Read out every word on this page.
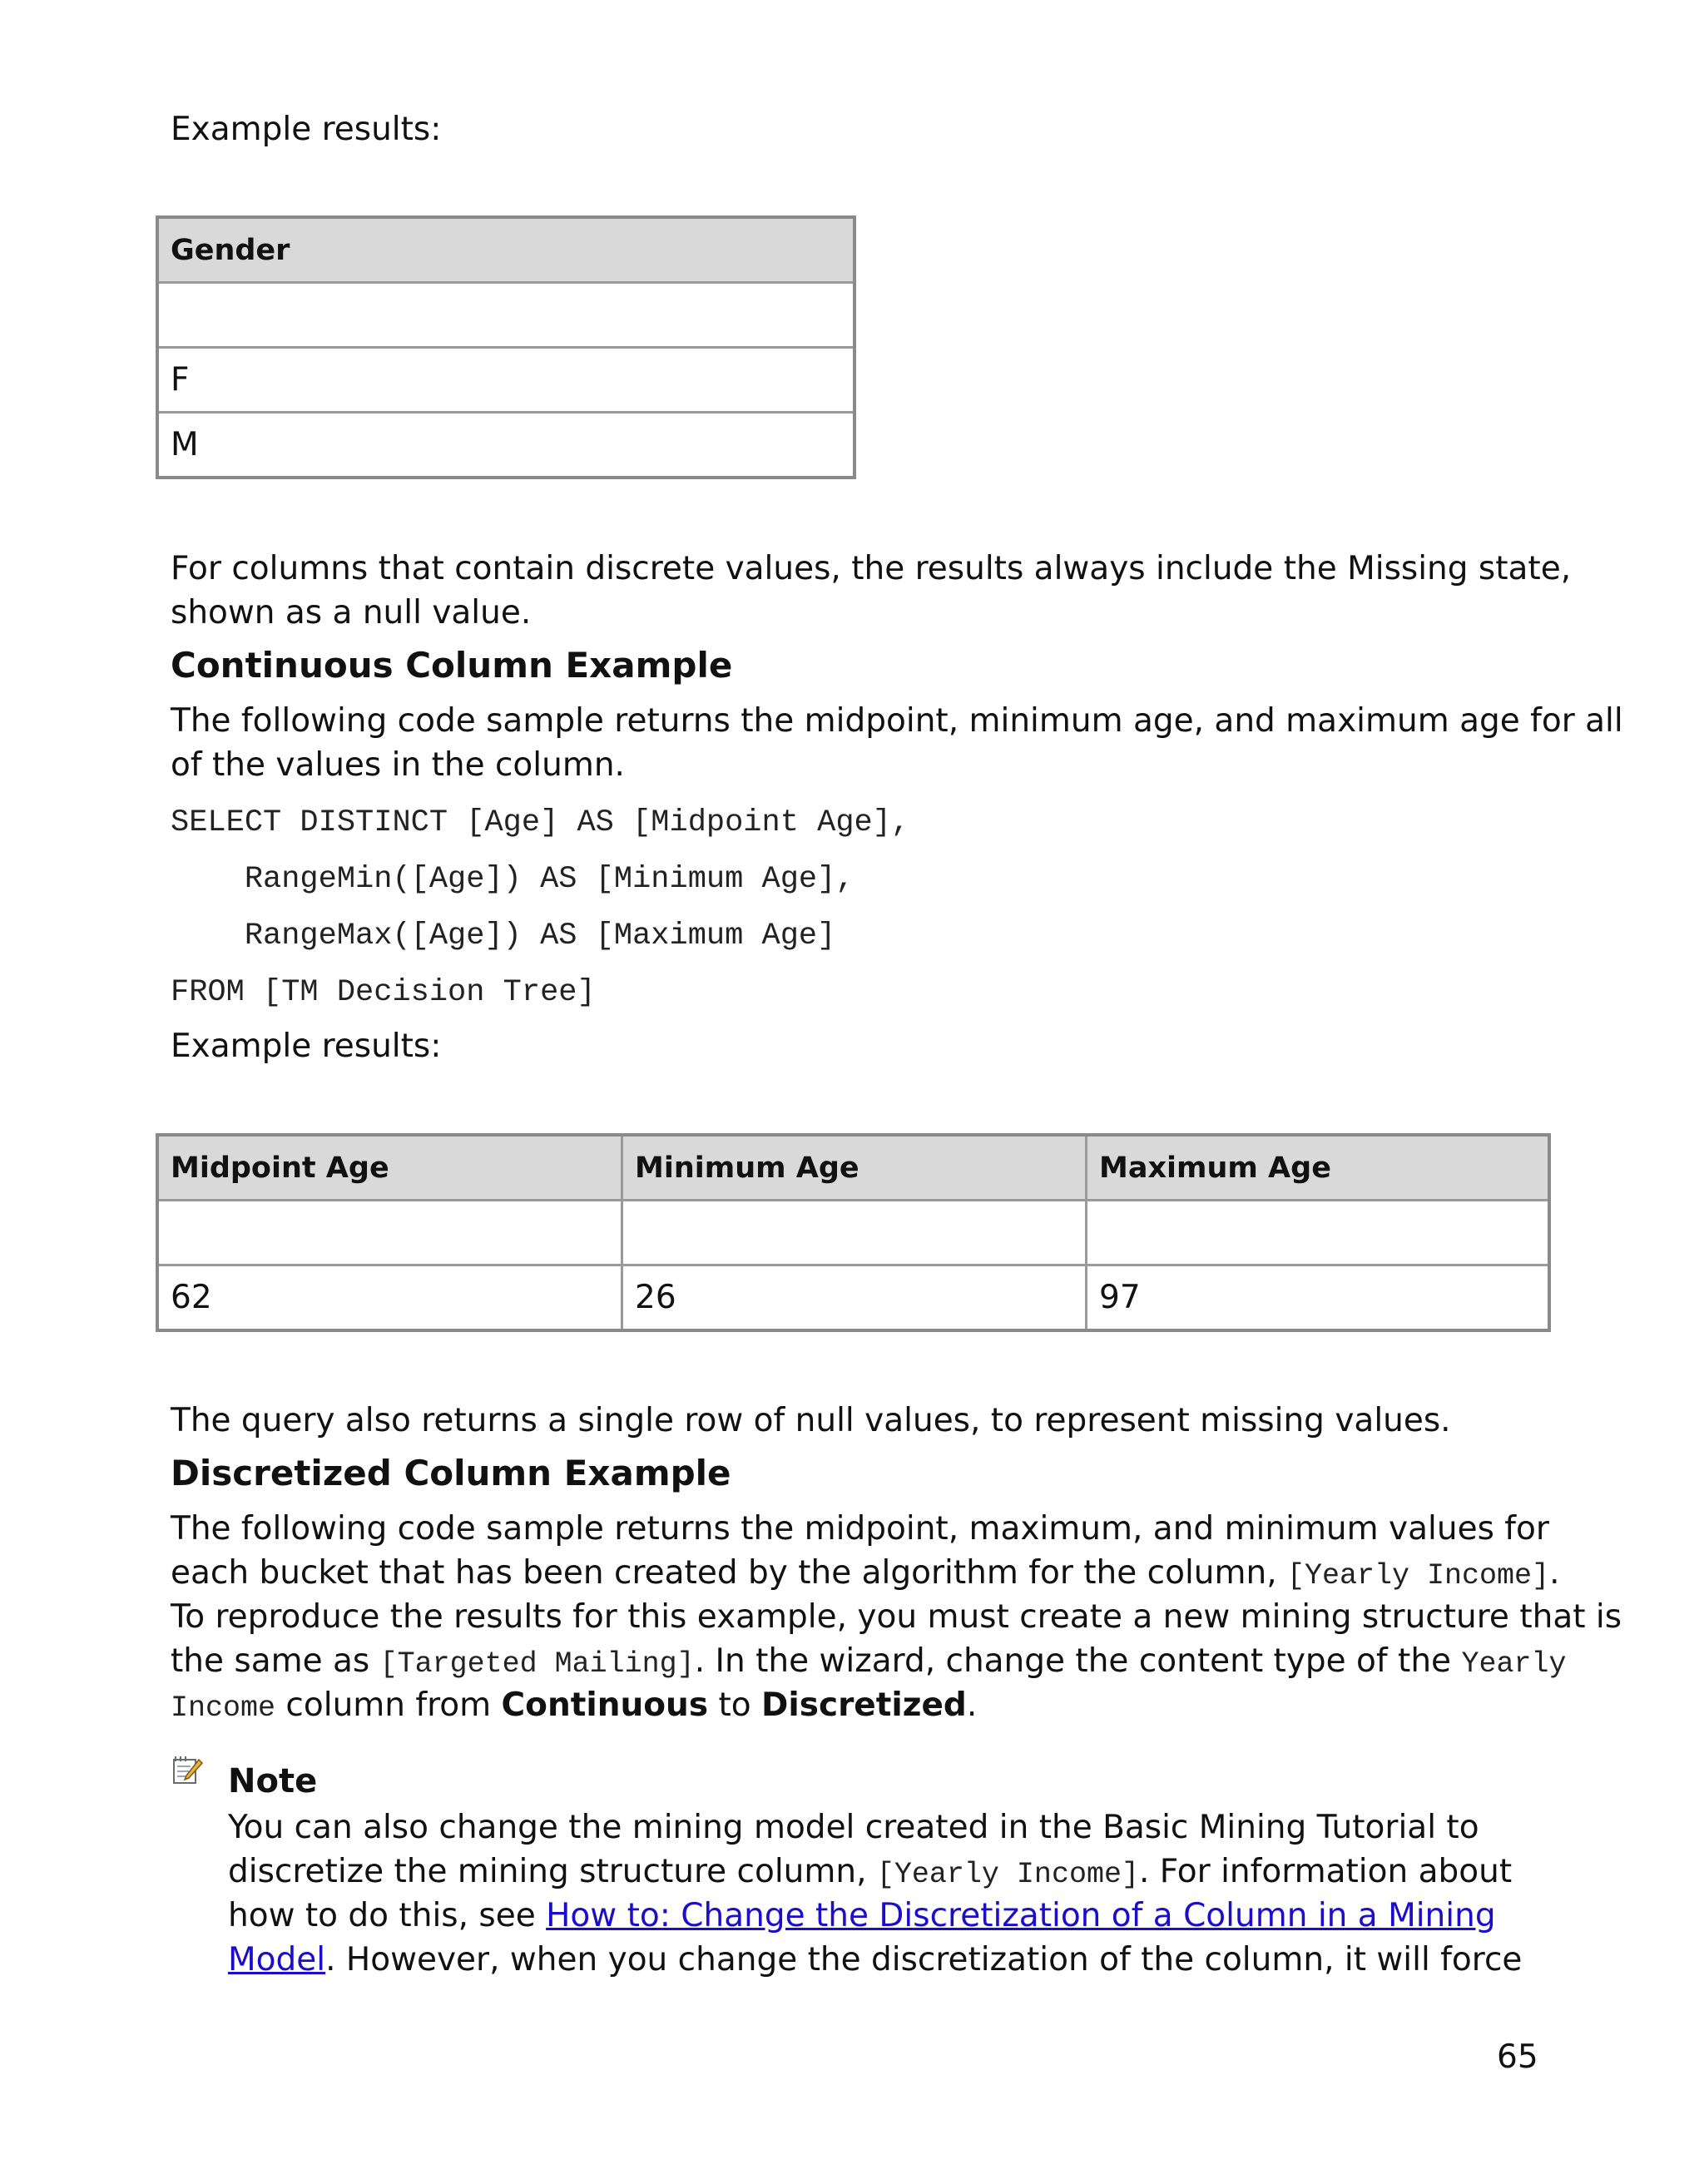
Example results:

Gender

F
M

For columns that contain discrete values, the results always include the Missing state,

shown as a null value.

Continuous Column Example

The following code sample returns the midpoint, minimum age, and maximum age for all

of the values in the column.

SELECT DISTINCT [Age] AS [Midpoint Age],
RangeMin([Age]) AS [Minimum Age],
RangeMax([Age]) AS [Maximum Age]
FROM [TM Decision Tree]

Example results:

Midpoint Age	Minimum Age	Maximum Age

62	26	97

The query also returns a single row of null values, to represent missing values.

Discretized Column Example

The following code sample returns the midpoint, maximum, and minimum values for

each bucket that has been created by the algorithm for the column, [Yearly Income].

To reproduce the results for this example, you must create a new mining structure that is

the same as [Targeted Mailing]. In the wizard, change the content type of the Yearly

Income column from Continuous to Discretized.

Note

You can also change the mining model created in the Basic Mining Tutorial to

discretize the mining structure column, [Yearly Income]. For information about

how to do this, see How to: Change the Discretization of a Column in a Mining

Model. However, when you change the discretization of the column, it will force

65
